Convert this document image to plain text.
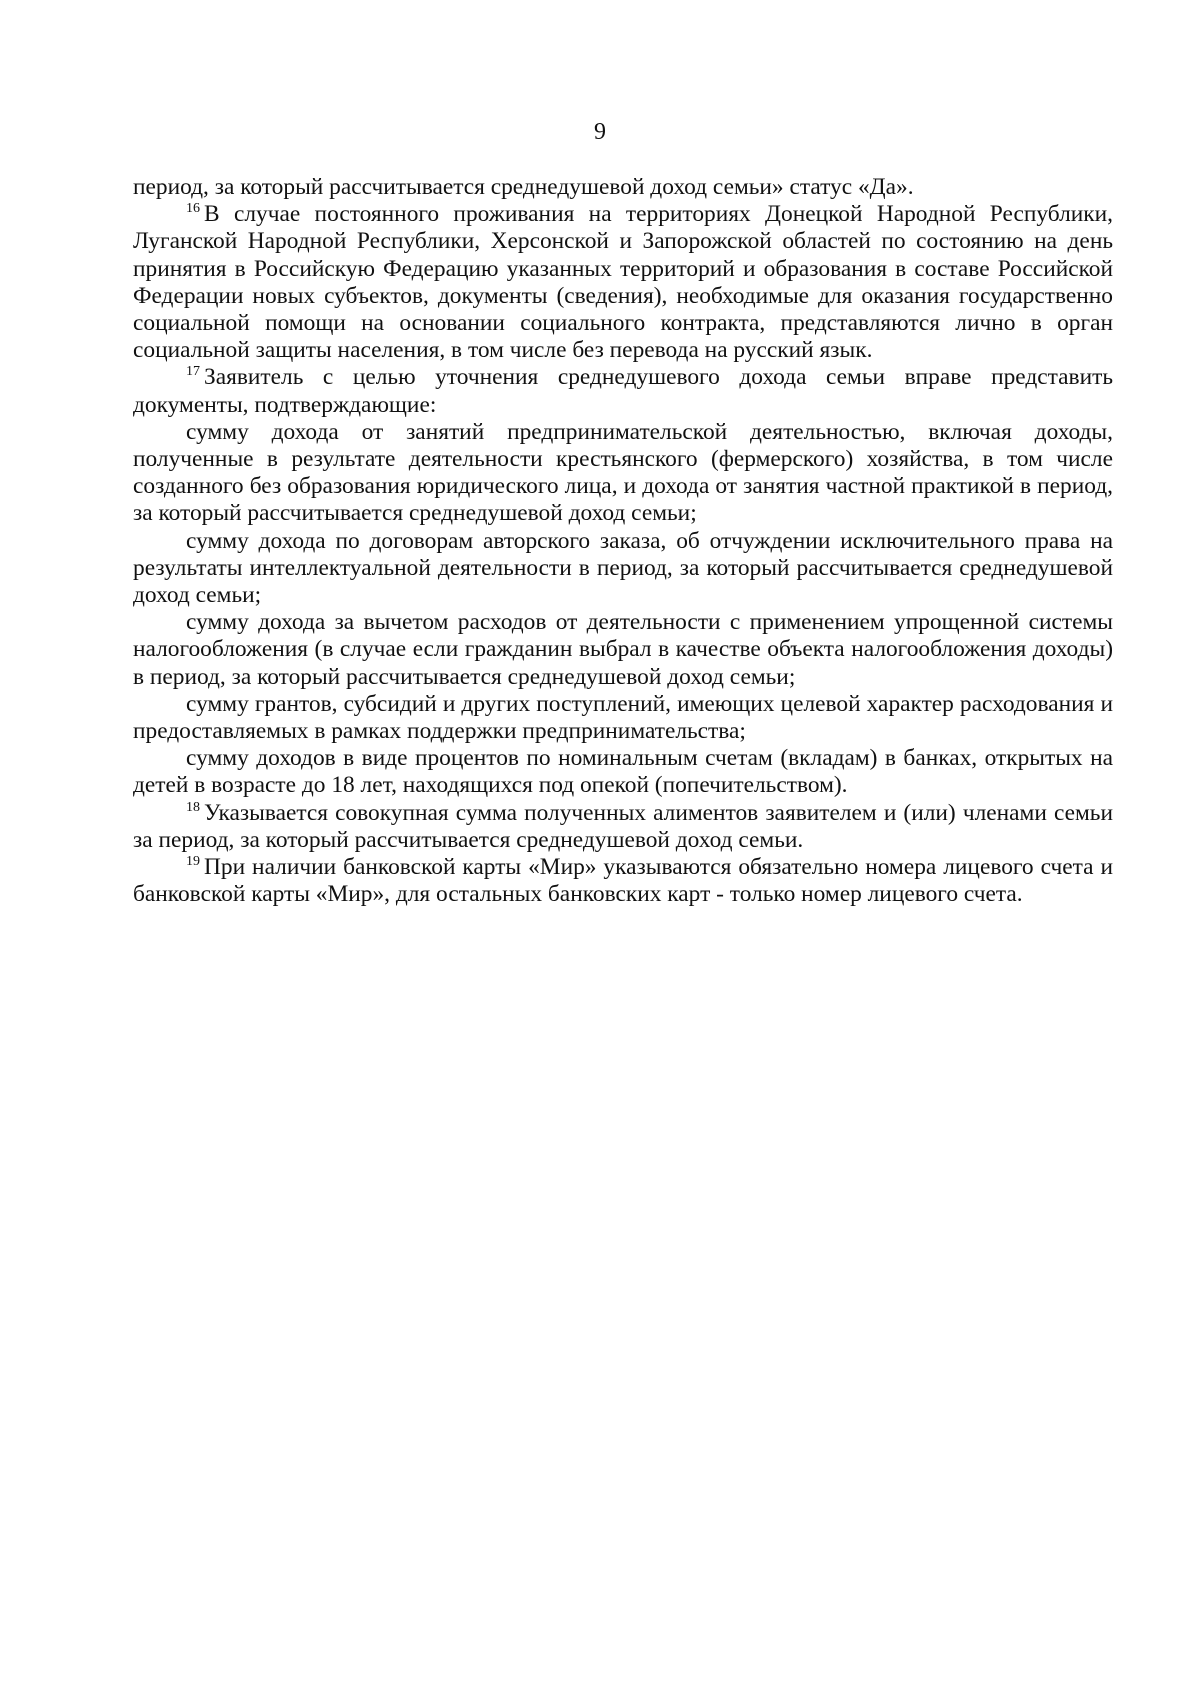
9

период, за который рассчитывается среднедушевой доход семьи» статус «Да».

$^{16}$ В случае постоянного проживания на территориях Донецкой Народной Республики, Луганской Народной Республики, Херсонской и Запорожской областей по состоянию на день принятия в Российскую Федерацию указанных территорий и образования в составе Российской Федерации новых субъектов, документы (сведения), необходимые для оказания государственно социальной помощи на основании социального контракта, представляются лично в орган социальной защиты населения, в том числе без перевода на русский язык.

$^{17}$ Заявитель с целью уточнения среднедушевого дохода семьи вправе представить документы, подтверждающие:

сумму дохода от занятий предпринимательской деятельностью, включая доходы, полученные в результате деятельности крестьянского (фермерского) хозяйства, в том числе созданного без образования юридического лица, и дохода от занятия частной практикой в период, за который рассчитывается среднедушевой доход семьи;

сумму дохода по договорам авторского заказа, об отчуждении исключительного права на результаты интеллектуальной деятельности в период, за который рассчитывается среднедушевой доход семьи;

сумму дохода за вычетом расходов от деятельности с применением упрощенной системы налогообложения (в случае если гражданин выбрал в качестве объекта налогообложения доходы) в период, за который рассчитывается среднедушевой доход семьи;

сумму грантов, субсидий и других поступлений, имеющих целевой характер расходования и предоставляемых в рамках поддержки предпринимательства;

сумму доходов в виде процентов по номинальным счетам (вкладам) в банках, открытых на детей в возрасте до 18 лет, находящихся под опекой (попечительством).

$^{18}$ Указывается совокупная сумма полученных алиментов заявителем и (или) членами семьи за период, за который рассчитывается среднедушевой доход семьи.

$^{19}$ При наличии банковской карты «Мир» указываются обязательно номера лицевого счета и банковской карты «Мир», для остальных банковских карт - только номер лицевого счета.
